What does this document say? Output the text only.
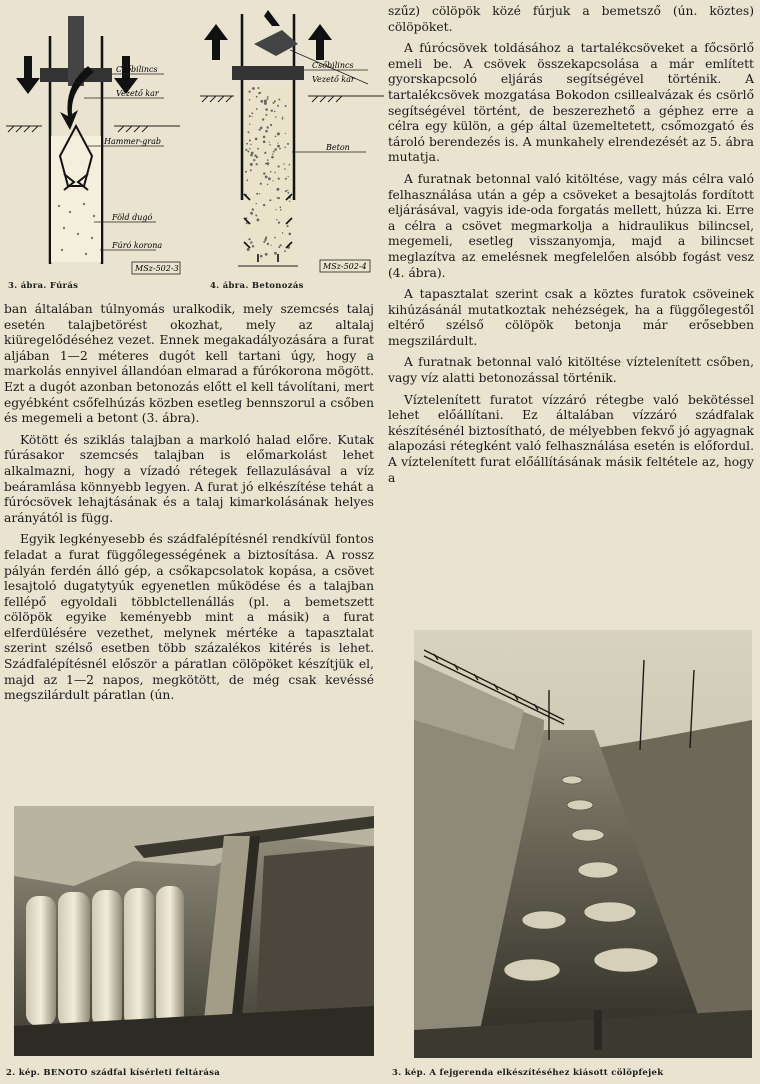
Csőbilincs
Vezető kar
Hammer-grab
Föld dugó
Fúró korona
MSz-502-3
3. ábra. Fúrás
Csőbilincs
Vezető kar
Beton
MSz-502-4
4. ábra. Betonozás

ban általában túlnyomás uralkodik, mely szemcsés talaj esetén talajbetörést okozhat, mely az altalaj kiüregelődéséhez vezet. Ennek megakadályozására a furat aljában 1—2 méteres dugót kell tartani úgy, hogy a markolás ennyivel állandóan elmarad a fúrókorona mögött. Ezt a dugót azonban betonozás előtt el kell távolítani, mert egyébként csőfelhúzás közben esetleg bennszorul a csőben és megemeli a betont (3. ábra).

Kötött és sziklás talajban a markoló halad előre. Kutak fúrásakor szemcsés talajban is előmarkolást lehet alkalmazni, hogy a vízadó rétegek fellazulásával a víz beáramlása könnyebb legyen. A furat jó elkészítése tehát a fúrócsövek lehajtásának és a talaj kimarkolásának helyes arányától is függ.

Egyik legkényesebb és szádfalépítésnél rendkívül fontos feladat a furat függőlegességének a biztosítása. A rossz pályán ferdén álló gép, a csőkapcsolatok kopása, a csövet lesajtoló dugatytyúk egyenetlen működése és a talajban fellépő egyoldali többlctellenállás (pl. a bemetszett cölöpök egyike keményebb mint a másik) a furat elferdülésére vezethet, melynek mértéke a tapasztalat szerint szélső esetben több százalékos kitérés is lehet. Szádfalépítésnél először a páratlan cölöpöket készítjük el, majd az 1—2 napos, megkötött, de még csak kevéssé megszilárdult páratlan (ún.

szűz) cölöpök közé fúrjuk a bemetsző (ún. köztes) cölöpöket.

A fúrócsövek toldásához a tartalékcsöveket a főcsörlő emeli be. A csövek összekapcsolása a már említett gyorskapcsoló eljárás segítségével történik. A tartalékcsövek mozgatása Bokodon csillealvázak és csörlő segítségével történt, de beszerezhető a géphez erre a célra egy külön, a gép által üzemeltetett, csőmozgató és tároló berendezés is. A munkahely elrendezését az 5. ábra mutatja.

A furatnak betonnal való kitöltése, vagy más célra való felhasználása után a gép a csöveket a besajtolás fordított eljárásával, vagyis ide-oda forgatás mellett, húzza ki. Erre a célra a csövet megmarkolja a hidraulikus bilincsel, megemeli, esetleg visszanyomja, majd a bilincset meglazítva az emelésnek megfelelően alsóbb fogást vesz (4. ábra).

A tapasztalat szerint csak a köztes furatok csöveinek kihúzásánál mutatkoztak nehézségek, ha a függőlegestől eltérő szélső cölöpök betonja már erősebben megszilárdult.

A furatnak betonnal való kitöltése víztelenített csőben, vagy víz alatti betonozással történik.

Víztelenített furatot vízzáró rétegbe való bekötéssel lehet előállítani. Ez általában vízzáró szádfalak készítésénél biztosítható, de mélyebben fekvő jó agyagnak alapozási rétegként való felhasználása esetén is előfordul. A víztelenített furat előállításának másik feltétele az, hogy a

2. kép. BENOTO szádfal kísérleti feltárása	3. kép. A fejgerenda elkészítéséhez kiásott cölöpfejek
